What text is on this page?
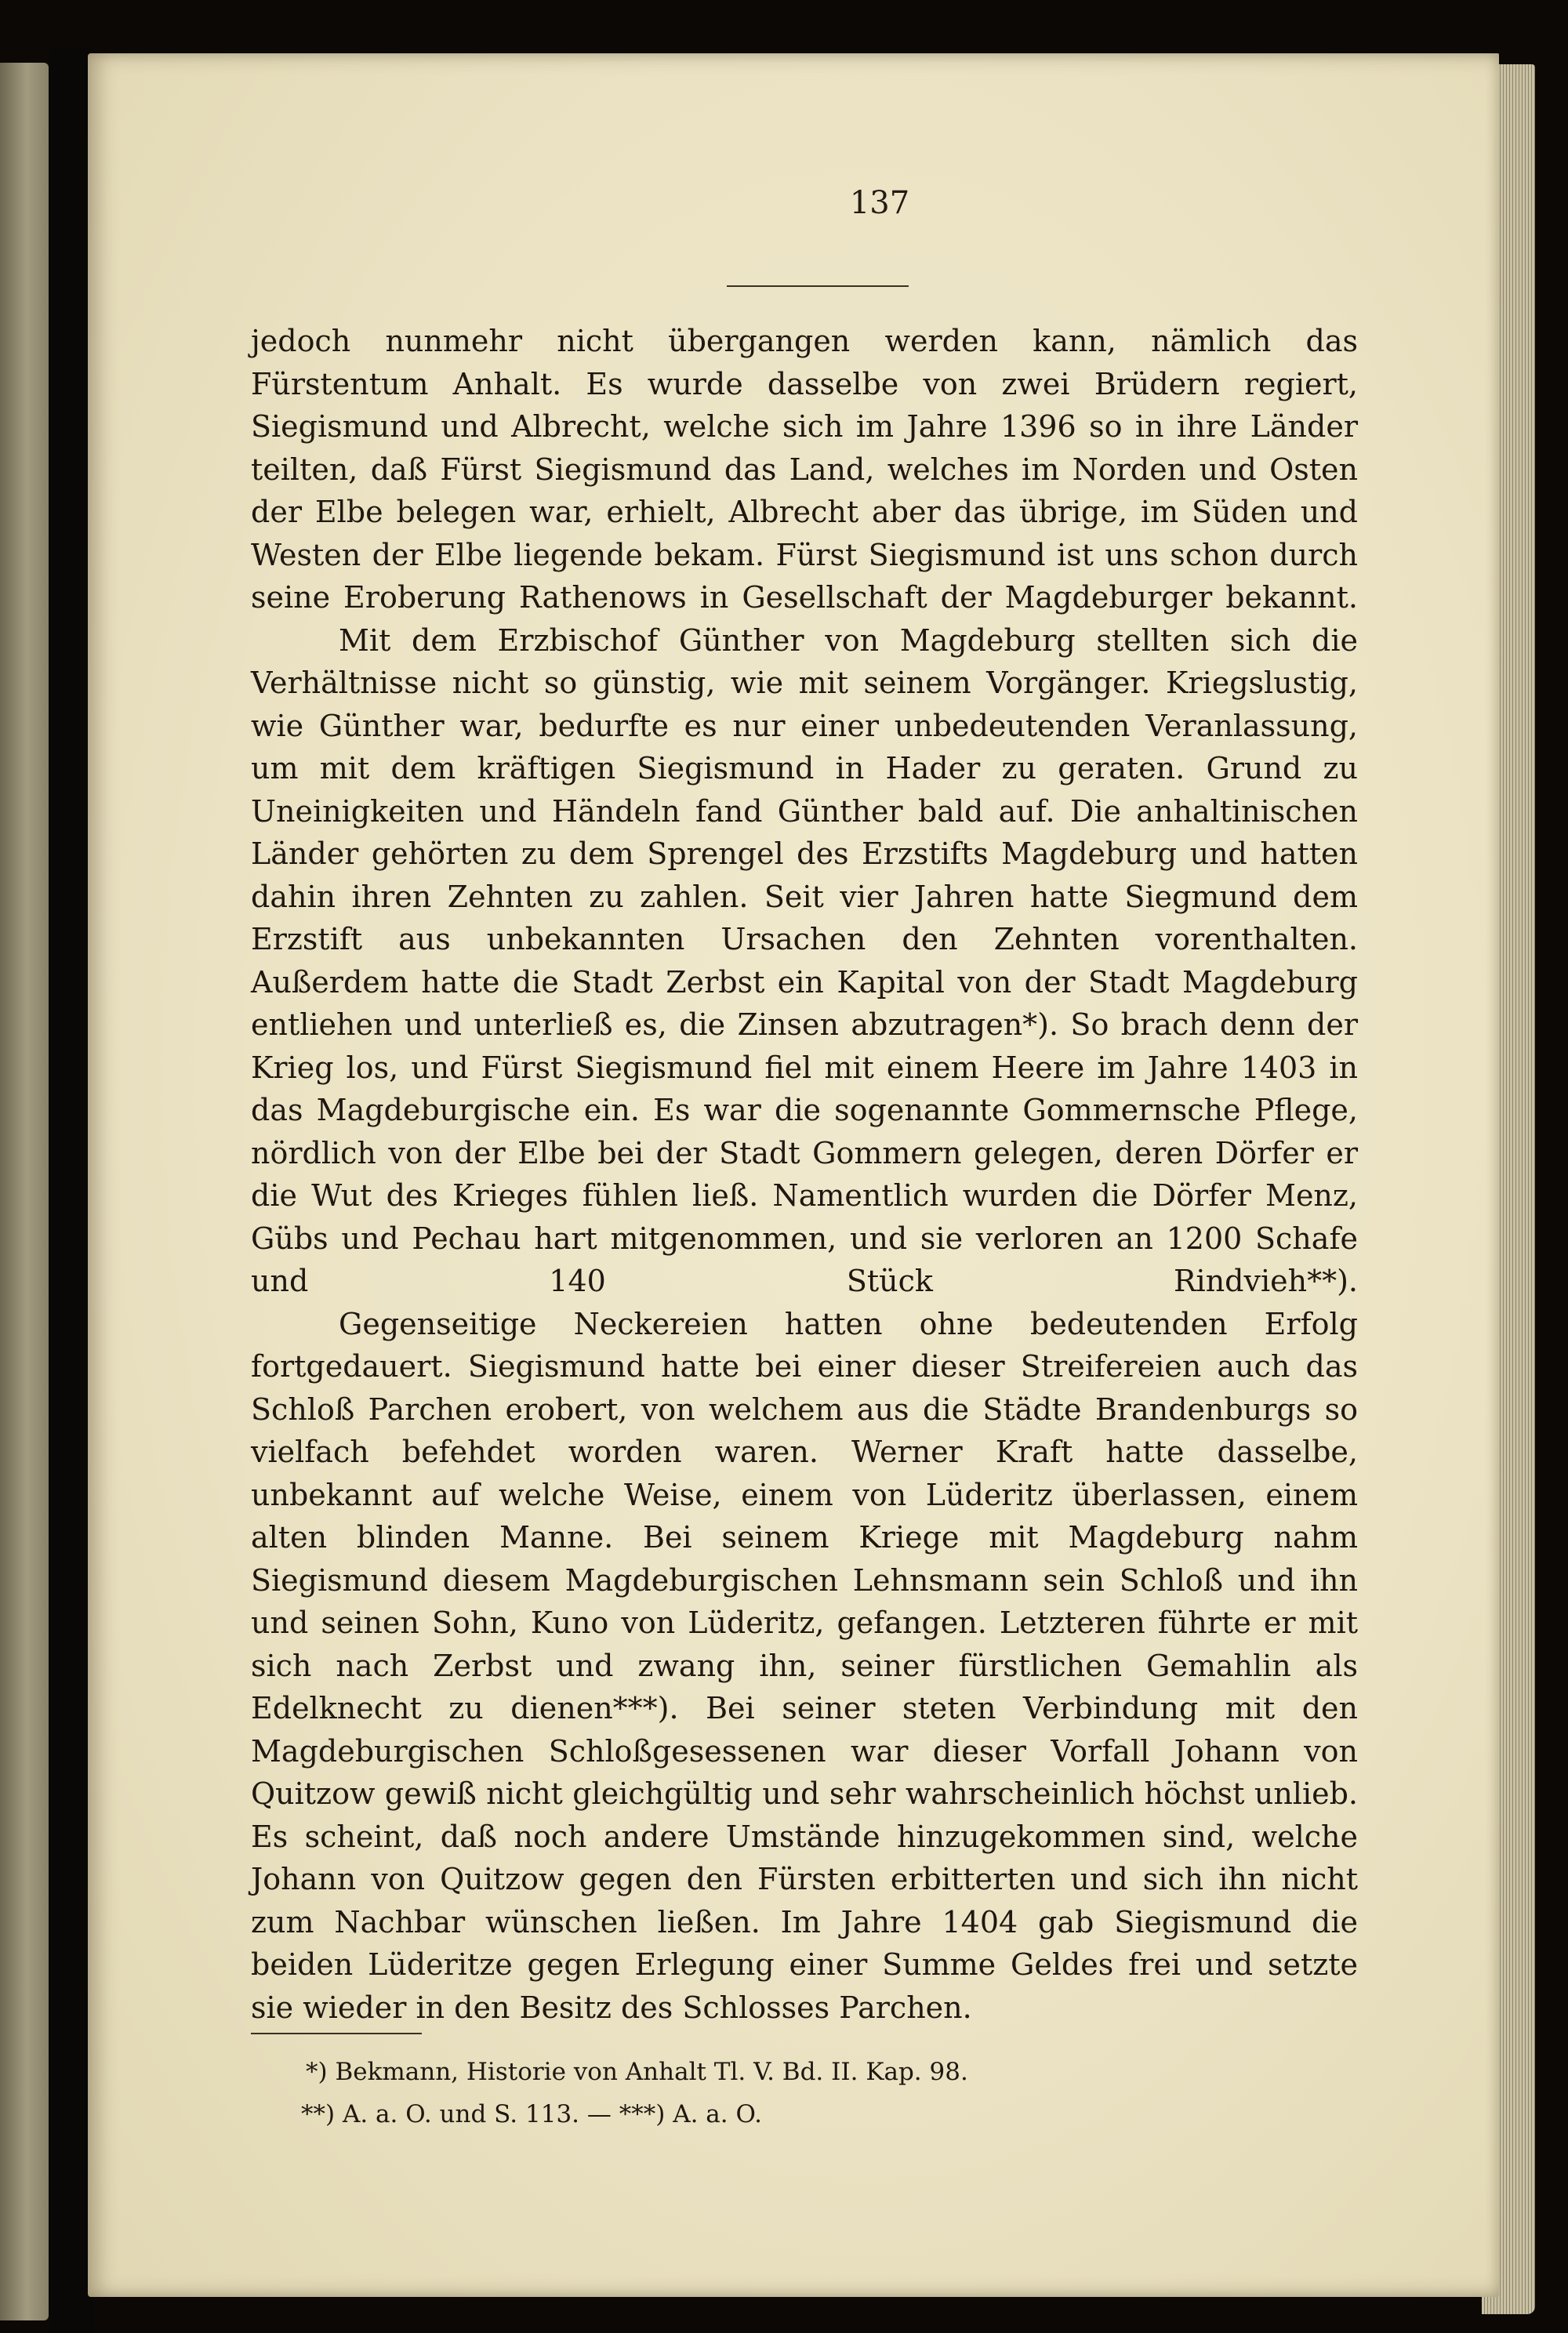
137

jedoch nunmehr nicht übergangen werden kann, nämlich das Fürstentum Anhalt. Es wurde dasselbe von zwei Brüdern regiert, Siegismund und Albrecht, welche sich im Jahre 1396 so in ihre Länder teilten, daß Fürst Siegismund das Land, welches im Norden und Osten der Elbe belegen war, erhielt, Albrecht aber das übrige, im Süden und Westen der Elbe liegende bekam. Fürst Siegismund ist uns schon durch seine Eroberung Rathenows in Gesellschaft der Magdeburger bekannt.

Mit dem Erzbischof Günther von Magdeburg stellten sich die Verhältnisse nicht so günstig, wie mit seinem Vorgänger. Kriegslustig, wie Günther war, bedurfte es nur einer unbedeutenden Veranlassung, um mit dem kräftigen Siegismund in Hader zu geraten. Grund zu Uneinigkeiten und Händeln fand Günther bald auf. Die anhaltinischen Länder gehörten zu dem Sprengel des Erzstifts Magdeburg und hatten dahin ihren Zehnten zu zahlen. Seit vier Jahren hatte Siegmund dem Erzstift aus unbekannten Ursachen den Zehnten vorenthalten. Außerdem hatte die Stadt Zerbst ein Kapital von der Stadt Magdeburg entliehen und unterließ es, die Zinsen abzutragen*). So brach denn der Krieg los, und Fürst Siegismund fiel mit einem Heere im Jahre 1403 in das Magdeburgische ein. Es war die sogenannte Gommernsche Pflege, nördlich von der Elbe bei der Stadt Gommern gelegen, deren Dörfer er die Wut des Krieges fühlen ließ. Namentlich wurden die Dörfer Menz, Gübs und Pechau hart mitgenommen, und sie verloren an 1200 Schafe und 140 Stück Rindvieh**).

Gegenseitige Neckereien hatten ohne bedeutenden Erfolg fortgedauert. Siegismund hatte bei einer dieser Streifereien auch das Schloß Parchen erobert, von welchem aus die Städte Brandenburgs so vielfach befehdet worden waren. Werner Kraft hatte dasselbe, unbekannt auf welche Weise, einem von Lüderitz überlassen, einem alten blinden Manne. Bei seinem Kriege mit Magdeburg nahm Siegismund diesem Magdeburgischen Lehnsmann sein Schloß und ihn und seinen Sohn, Kuno von Lüderitz, gefangen. Letzteren führte er mit sich nach Zerbst und zwang ihn, seiner fürstlichen Gemahlin als Edelknecht zu dienen***). Bei seiner steten Verbindung mit den Magdeburgischen Schloßgesessenen war dieser Vorfall Johann von Quitzow gewiß nicht gleichgültig und sehr wahrscheinlich höchst unlieb. Es scheint, daß noch andere Umstände hinzugekommen sind, welche Johann von Quitzow gegen den Fürsten erbitterten und sich ihn nicht zum Nachbar wünschen ließen. Im Jahre 1404 gab Siegismund die beiden Lüderitze gegen Erlegung einer Summe Geldes frei und setzte sie wieder in den Besitz des Schlosses Parchen.

*) Bekmann, Historie von Anhalt Tl. V. Bd. II. Kap. 98.

**) A. a. O. und S. 113. — ***) A. a. O.
